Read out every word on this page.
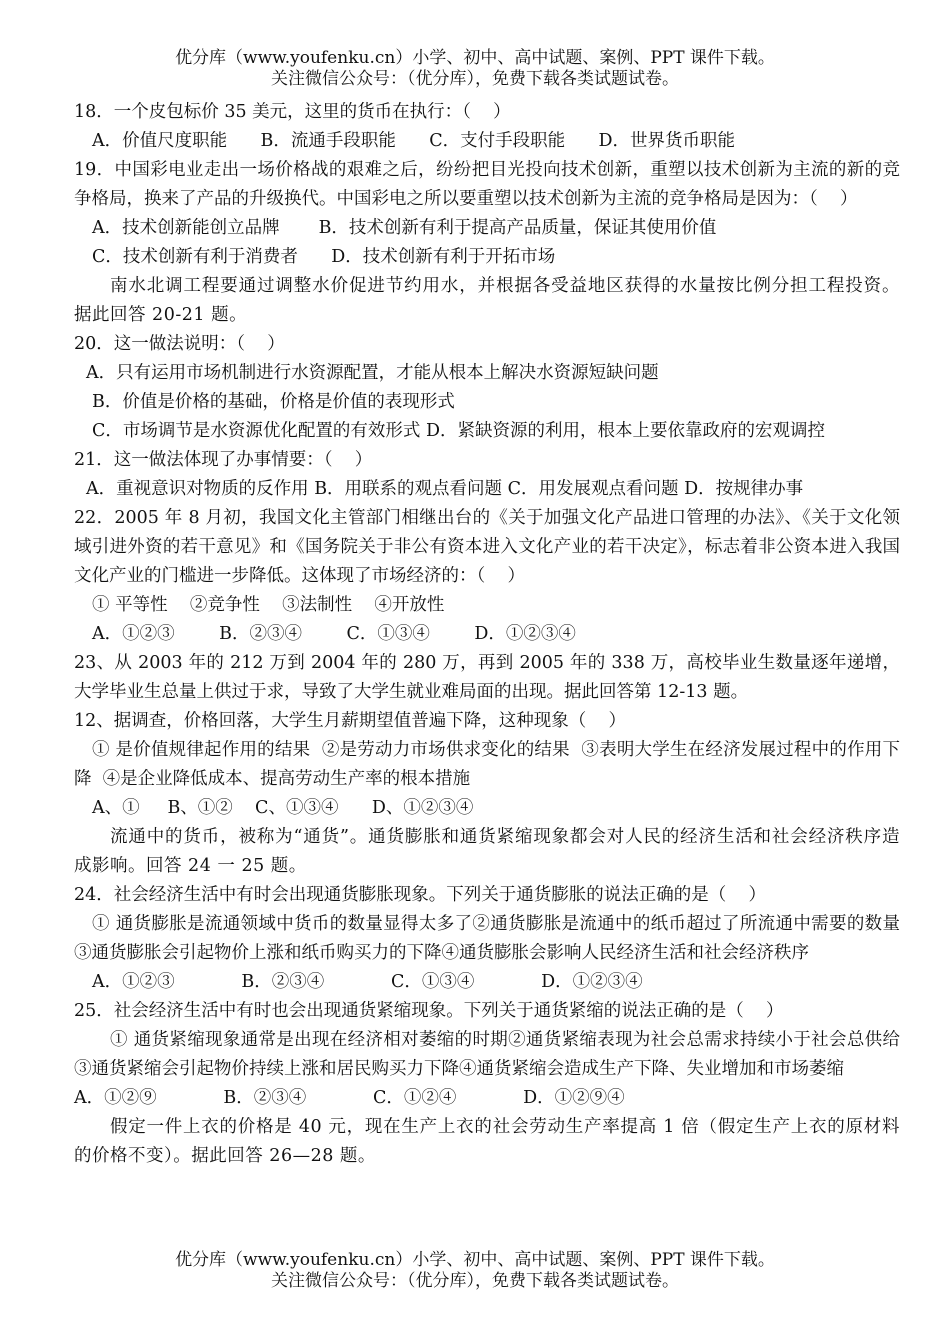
优分库（www.youfenku.cn）小学、初中、高中试题、案例、PPT 课件下载。
关注微信公众号：（优分库），免费下载各类试题试卷。

18．一个皮包标价 35 美元，这里的货币在执行：（    ）

A．价值尺度职能      B．流通手段职能      C．支付手段职能      D．世界货币职能

19．中国彩电业走出一场价格战的艰难之后，纷纷把目光投向技术创新，重塑以技术创新为主流的新的竞争格局，换来了产品的升级换代。中国彩电之所以要重塑以技术创新为主流的竞争格局是因为：（    ）

A．技术创新能创立品牌       B．技术创新有利于提高产品质量，保证其使用价值

C．技术创新有利于消费者      D．技术创新有利于开拓市场

南水北调工程要通过调整水价促进节约用水，并根据各受益地区获得的水量按比例分担工程投资。据此回答 20-21 题。

20．这一做法说明：（    ）

A．只有运用市场机制进行水资源配置，才能从根本上解决水资源短缺问题

B．价值是价格的基础，价格是价值的表现形式

C．市场调节是水资源优化配置的有效形式 D．紧缺资源的利用，根本上要依靠政府的宏观调控

21．这一做法体现了办事情要：（    ）

A．重视意识对物质的反作用 B．用联系的观点看问题 C．用发展观点看问题 D．按规律办事

22．2005 年 8 月初，我国文化主管部门相继出台的《关于加强文化产品进口管理的办法》、《关于文化领域引进外资的若干意见》和《国务院关于非公有资本进入文化产业的若干决定》，标志着非公资本进入我国文化产业的门槛进一步降低。这体现了市场经济的：（    ）

① 平等性    ②竞争性    ③法制性    ④开放性

A．①②③        B．②③④        C．①③④        D．①②③④

23、从 2003 年的 212 万到 2004 年的 280 万，再到 2005 年的 338 万，高校毕业生数量逐年递增，大学毕业生总量上供过于求，导致了大学生就业难局面的出现。据此回答第 12-13 题。

12、据调查，价格回落，大学生月薪期望值普遍下降，这种现象（    ）

① 是价值规律起作用的结果  ②是劳动力市场供求变化的结果  ③表明大学生在经济发展过程中的作用下降  ④是企业降低成本、提高劳动生产率的根本措施

A、①     B、①②    C、①③④      D、①②③④

流通中的货币，被称为“通货”。通货膨胀和通货紧缩现象都会对人民的经济生活和社会经济秩序造成影响。回答 24 一 25 题。

24．社会经济生活中有时会出现通货膨胀现象。下列关于通货膨胀的说法正确的是（    ）

① 通货膨胀是流通领域中货币的数量显得太多了②通货膨胀是流通中的纸币超过了所流通中需要的数量③通货膨胀会引起物价上涨和纸币购买力的下降④通货膨胀会影响人民经济生活和社会经济秩序

A．①②③            B．②③④            C．①③④            D．①②③④

25．社会经济生活中有时也会出现通货紧缩现象。下列关于通货紧缩的说法正确的是（    ）

① 通货紧缩现象通常是出现在经济相对萎缩的时期②通货紧缩表现为社会总需求持续小于社会总供给③通货紧缩会引起物价持续上涨和居民购买力下降④通货紧缩会造成生产下降、失业增加和市场萎缩

A．①②⑨            B．②③④            C．①②④            D．①②⑨④

假定一件上衣的价格是 40 元，现在生产上衣的社会劳动生产率提高 1 倍（假定生产上衣的原材料的价格不变）。据此回答 26—28 题。

优分库（www.youfenku.cn）小学、初中、高中试题、案例、PPT 课件下载。
关注微信公众号：（优分库），免费下载各类试题试卷。
